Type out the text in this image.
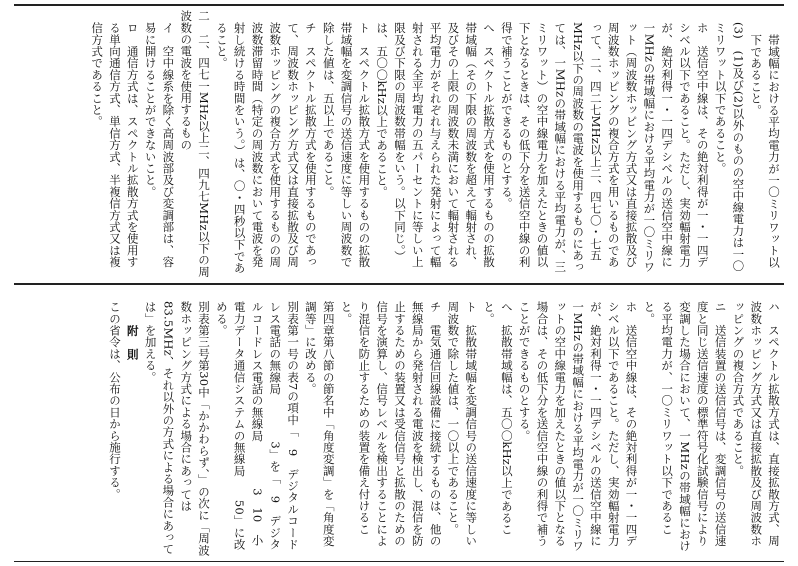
帯域幅における平均電力が一〇ミリワット以下であること。

(3)　(1)及び(2)以外のものの空中線電力は一〇ミリワット以下であること。

ホ　送信空中線は、その絶対利得が一・一四デシベル以下であること。ただし、実効輻射電力が、絶対利得一・一四デシベルの送信空中線に一MHzの帯域幅における平均電力が一〇ミリワット（周波数ホッピング方式又は直接拡散及び周波数ホッピングの複合方式を用いるものであって、二、四二七MHz以上二、四七〇・七五MHz以下の周波数の電波を使用するものにあっては、一MHzの帯域幅における平均電力が、三ミリワット）の空中線電力を加えたときの値以下となるときは、その低下分を送信空中線の利得で補うことができるものとする。

へ　スペクトル拡散方式を使用するものの拡散帯域幅（その下限の周波数を超えて輻射され、及びその上限の周波数未満において輻射される平均電力がそれぞれ与えられた発射によって輻射される全平均電力の五パーセントに等しい上限及び下限の周波数帯幅をいう。以下同じ。）は、五〇〇kHz以上であること。

ト　スペクトル拡散方式を使用するものの拡散帯域幅を変調信号の送信速度に等しい周波数で除した値は、五以上であること。

チ　スペクトル拡散方式を使用するものであって、周波数ホッピング方式又は直接拡散及び周波数ホッピングの複合方式を使用するものの周波数滞留時間（特定の周波数において電波を発射し続ける時間をいう。）は、〇・四秒以下であること。

二　二、四七一MHz以上二、四九七MHz以下の周波数の電波を使用するもの

イ　空中線系を除く高周波部及び変調部は、容易に開けることができないこと。

ロ　通信方式は、スペクトル拡散方式を使用する単向通信方式、単信方式、半複信方式又は複信方式であること。

ハ　スペクトル拡散方式は、直接拡散方式、周波数ホッピング方式又は直接拡散及び周波数ホッピングの複合方式であること。

ニ　送信装置の送信信号は、変調信号の送信速度と同じ送信速度の標準符号化試験信号により変調した場合において、一MHzの帯域幅における平均電力が、一〇ミリワット以下であること。

ホ　送信空中線は、その絶対利得が一・一四デシベル以下であること。ただし、実効輻射電力が、絶対利得一・一四デシベルの送信空中線に一MHzの帯域幅における平均電力が一〇ミリワットの空中線電力を加えたときの値以下となる場合は、その低下分を送信空中線の利得で補うことができるものとする。

へ　拡散帯域幅は、五〇〇kHz以上であること。

ト　拡散帯域幅を変調信号の送信速度に等しい周波数で除した値は、一〇以上であること。

チ　電気通信回線設備に接続するものは、他の無線局から発射される電波を検出し、混信を防止するための装置又は受信信号と拡散のための信号を演算し、信号レベルを検出することにより混信を防止するための装置を備え付けること。

第四章第八節の節名中「角度変調」を「角度変調等」に改める。

別表第一号の表7の項中「　9　デジタルコードレス電話の無線局　　　　3」を「　9　デジタルコードレス電話の無線局　　　　3　10　小電力データ通信システムの無線局　　50」に改める。

別表第三号第30中「かかわらず、」の次に「周波数ホッピング方式による場合にあっては83.5MHz、それ以外の方式による場合にあっては」を加える。

附　則

この省令は、公布の日から施行する。
